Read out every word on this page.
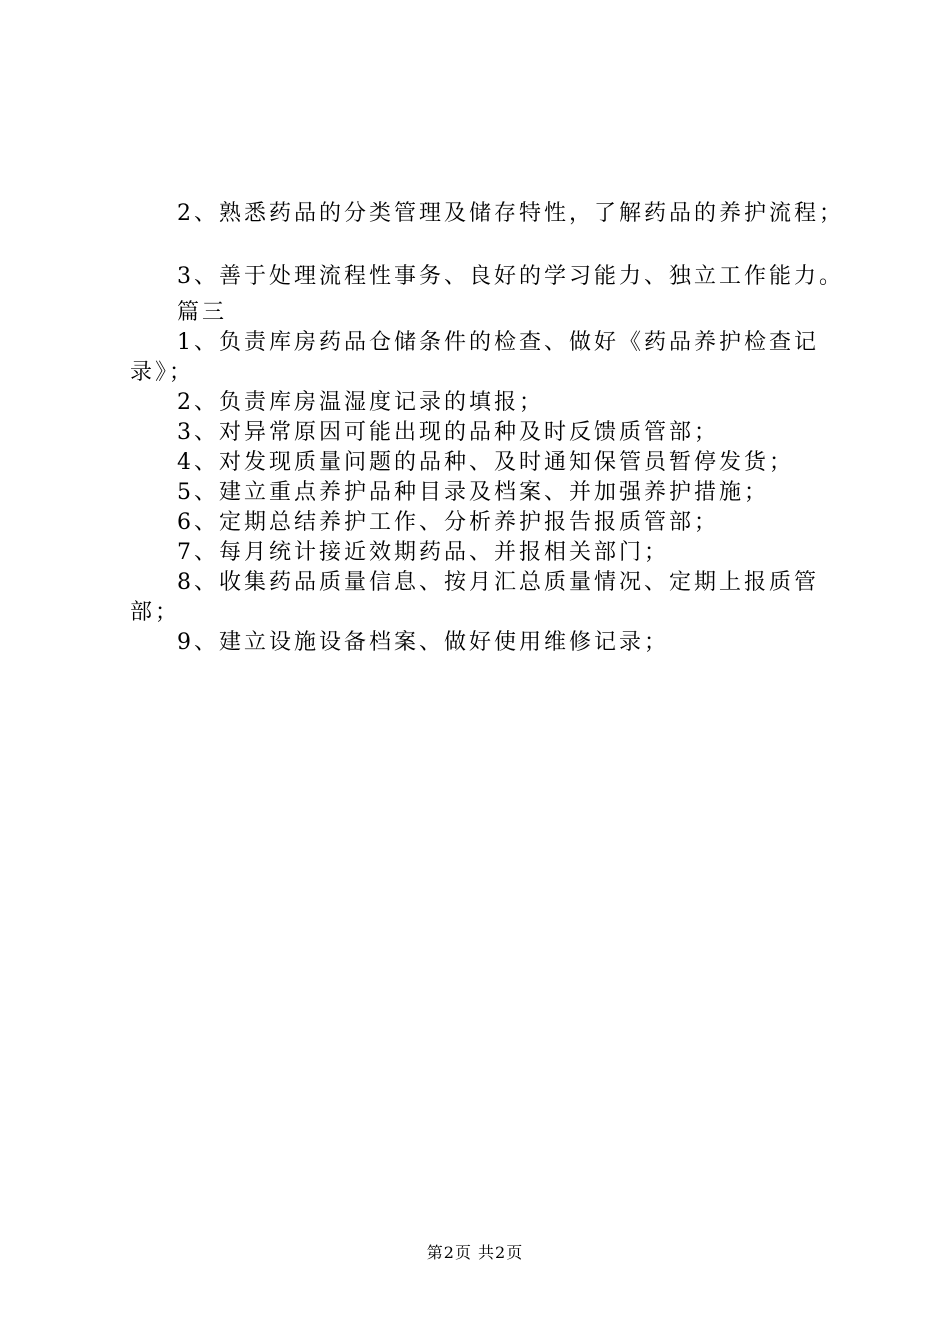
2、熟悉药品的分类管理及储存特性，了解药品的养护流程；

3、善于处理流程性事务、良好的学习能力、独立工作能力。

篇三

1、负责库房药品仓储条件的检查、做好《药品养护检查记录》；
2、负责库房温湿度记录的填报；
3、对异常原因可能出现的品种及时反馈质管部；
4、对发现质量问题的品种、及时通知保管员暂停发货；
5、建立重点养护品种目录及档案、并加强养护措施；
6、定期总结养护工作、分析养护报告报质管部；
7、每月统计接近效期药品、并报相关部门；
8、收集药品质量信息、按月汇总质量情况、定期上报质管部；
9、建立设施设备档案、做好使用维修记录；
第2页 共2页
